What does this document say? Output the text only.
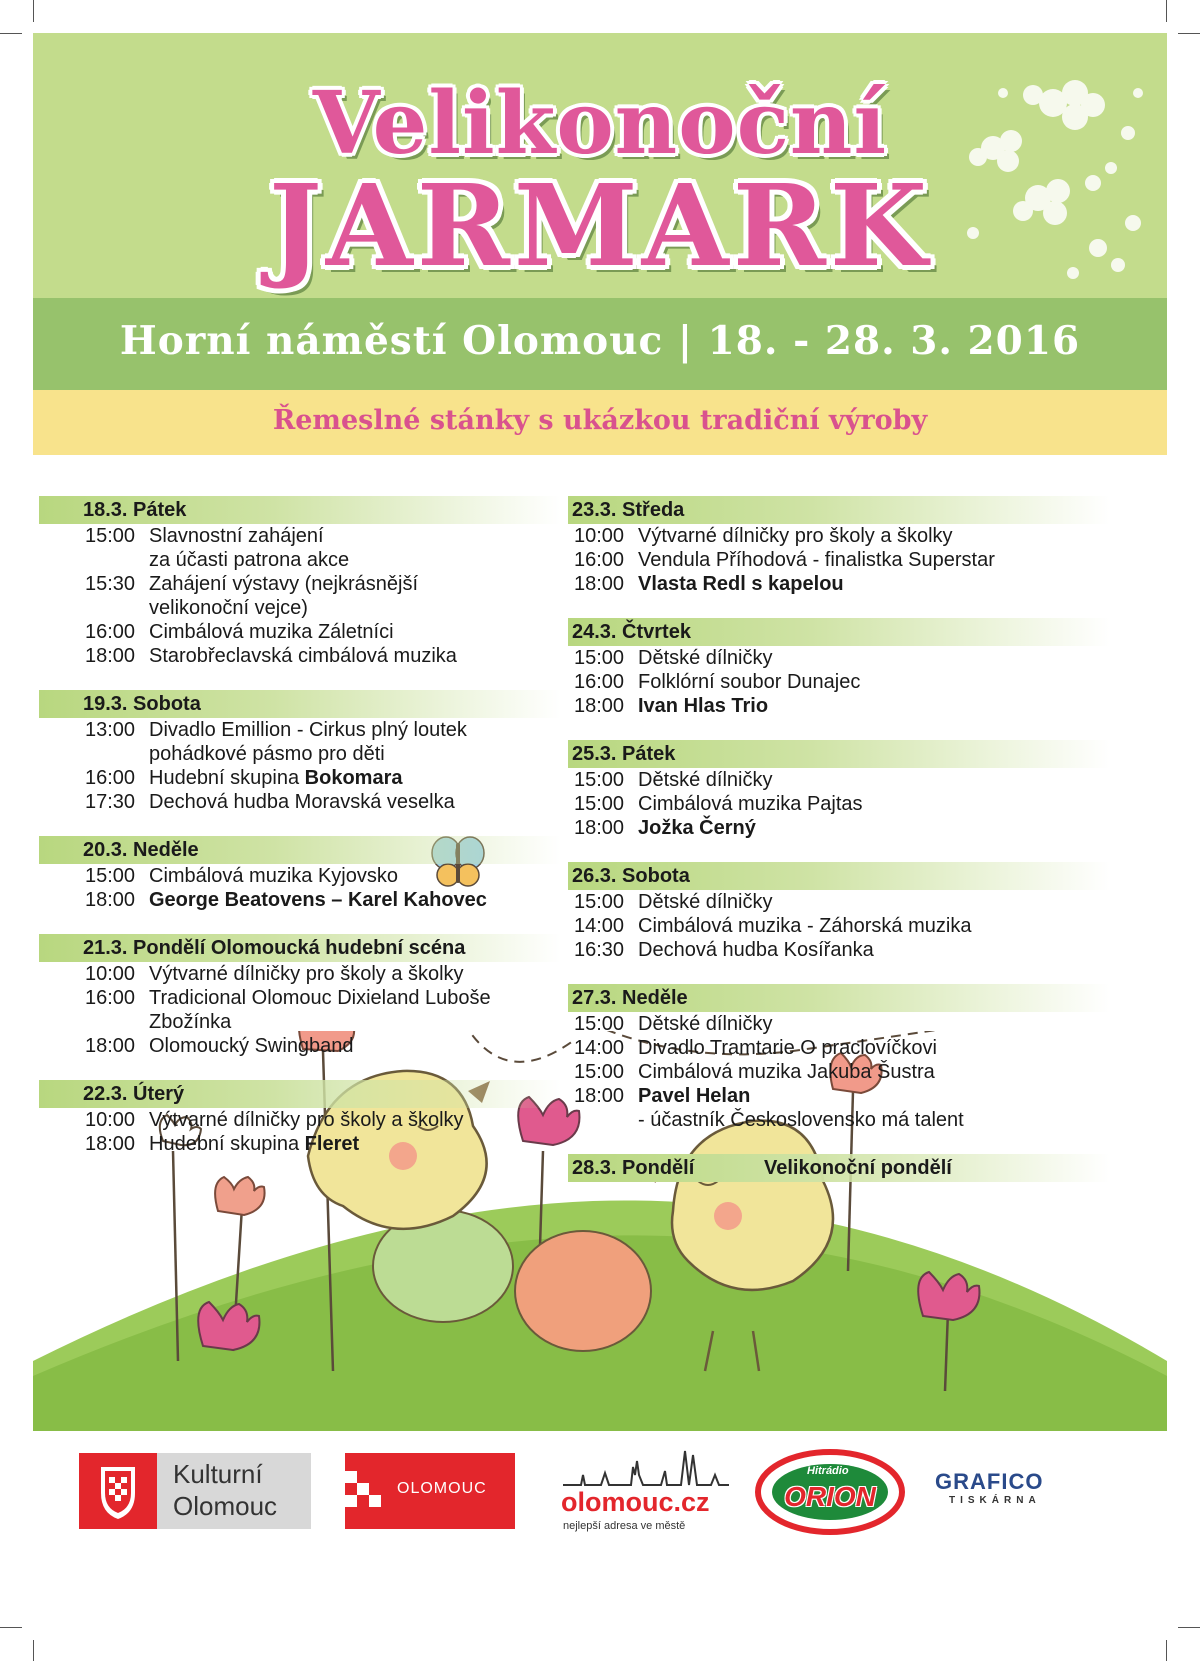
Velikonoční
JARMARK
Horní náměstí Olomouc | 18. - 28. 3. 2016
Řemeslné stánky s ukázkou tradiční výroby
18.3. Pátek
15:00 Slavnostní zahájení
za účasti patrona akce
15:30 Zahájení výstavy (nejkrásnější
velikonoční vejce)
16:00 Cimbálová muzika Záletníci
18:00 Starobřeclavská cimbálová muzika
19.3. Sobota
13:00 Divadlo Emillion - Cirkus plný loutek
pohádkové pásmo pro děti
16:00 Hudební skupina Bokomara
17:30 Dechová hudba Moravská veselka
20.3. Neděle
15:00 Cimbálová muzika Kyjovsko
18:00 George Beatovens – Karel Kahovec
21.3. Pondělí Olomoucká hudební scéna
10:00 Výtvarné dílničky pro školy a školky
16:00 Tradicional Olomouc Dixieland Luboše
Zbožínka
18:00 Olomoucký Swingband
22.3. Úterý
10:00 Výtvarné dílničky pro školy a školky
18:00 Hudební skupina Fleret
23.3. Středa
10:00 Výtvarné dílničky pro školy a školky
16:00 Vendula Příhodová - finalistka Superstar
18:00 Vlasta Redl s kapelou
24.3. Čtvrtek
15:00 Dětské dílničky
16:00 Folklórní soubor Dunajec
18:00 Ivan Hlas Trio
25.3. Pátek
15:00 Dětské dílničky
15:00 Cimbálová muzika Pajtas
18:00 Jožka Černý
26.3. Sobota
15:00 Dětské dílničky
14:00 Cimbálová muzika - Záhorská muzika
16:30 Dechová hudba Kosířanka
27.3. Neděle
15:00 Dětské dílničky
14:00 Divadlo Tramtarie O praclovíčkovi
15:00 Cimbálová muzika Jakuba Šustra
18:00 Pavel Helan
- účastník Československo má talent
28.3. Pondělí	Velikonoční pondělí
Kulturní
Olomouc
OLOMOUC	olomouc.cz
nejlepší adresa ve městě
Hitrádio
ORION	GRAFICO
TISKÁRNA
